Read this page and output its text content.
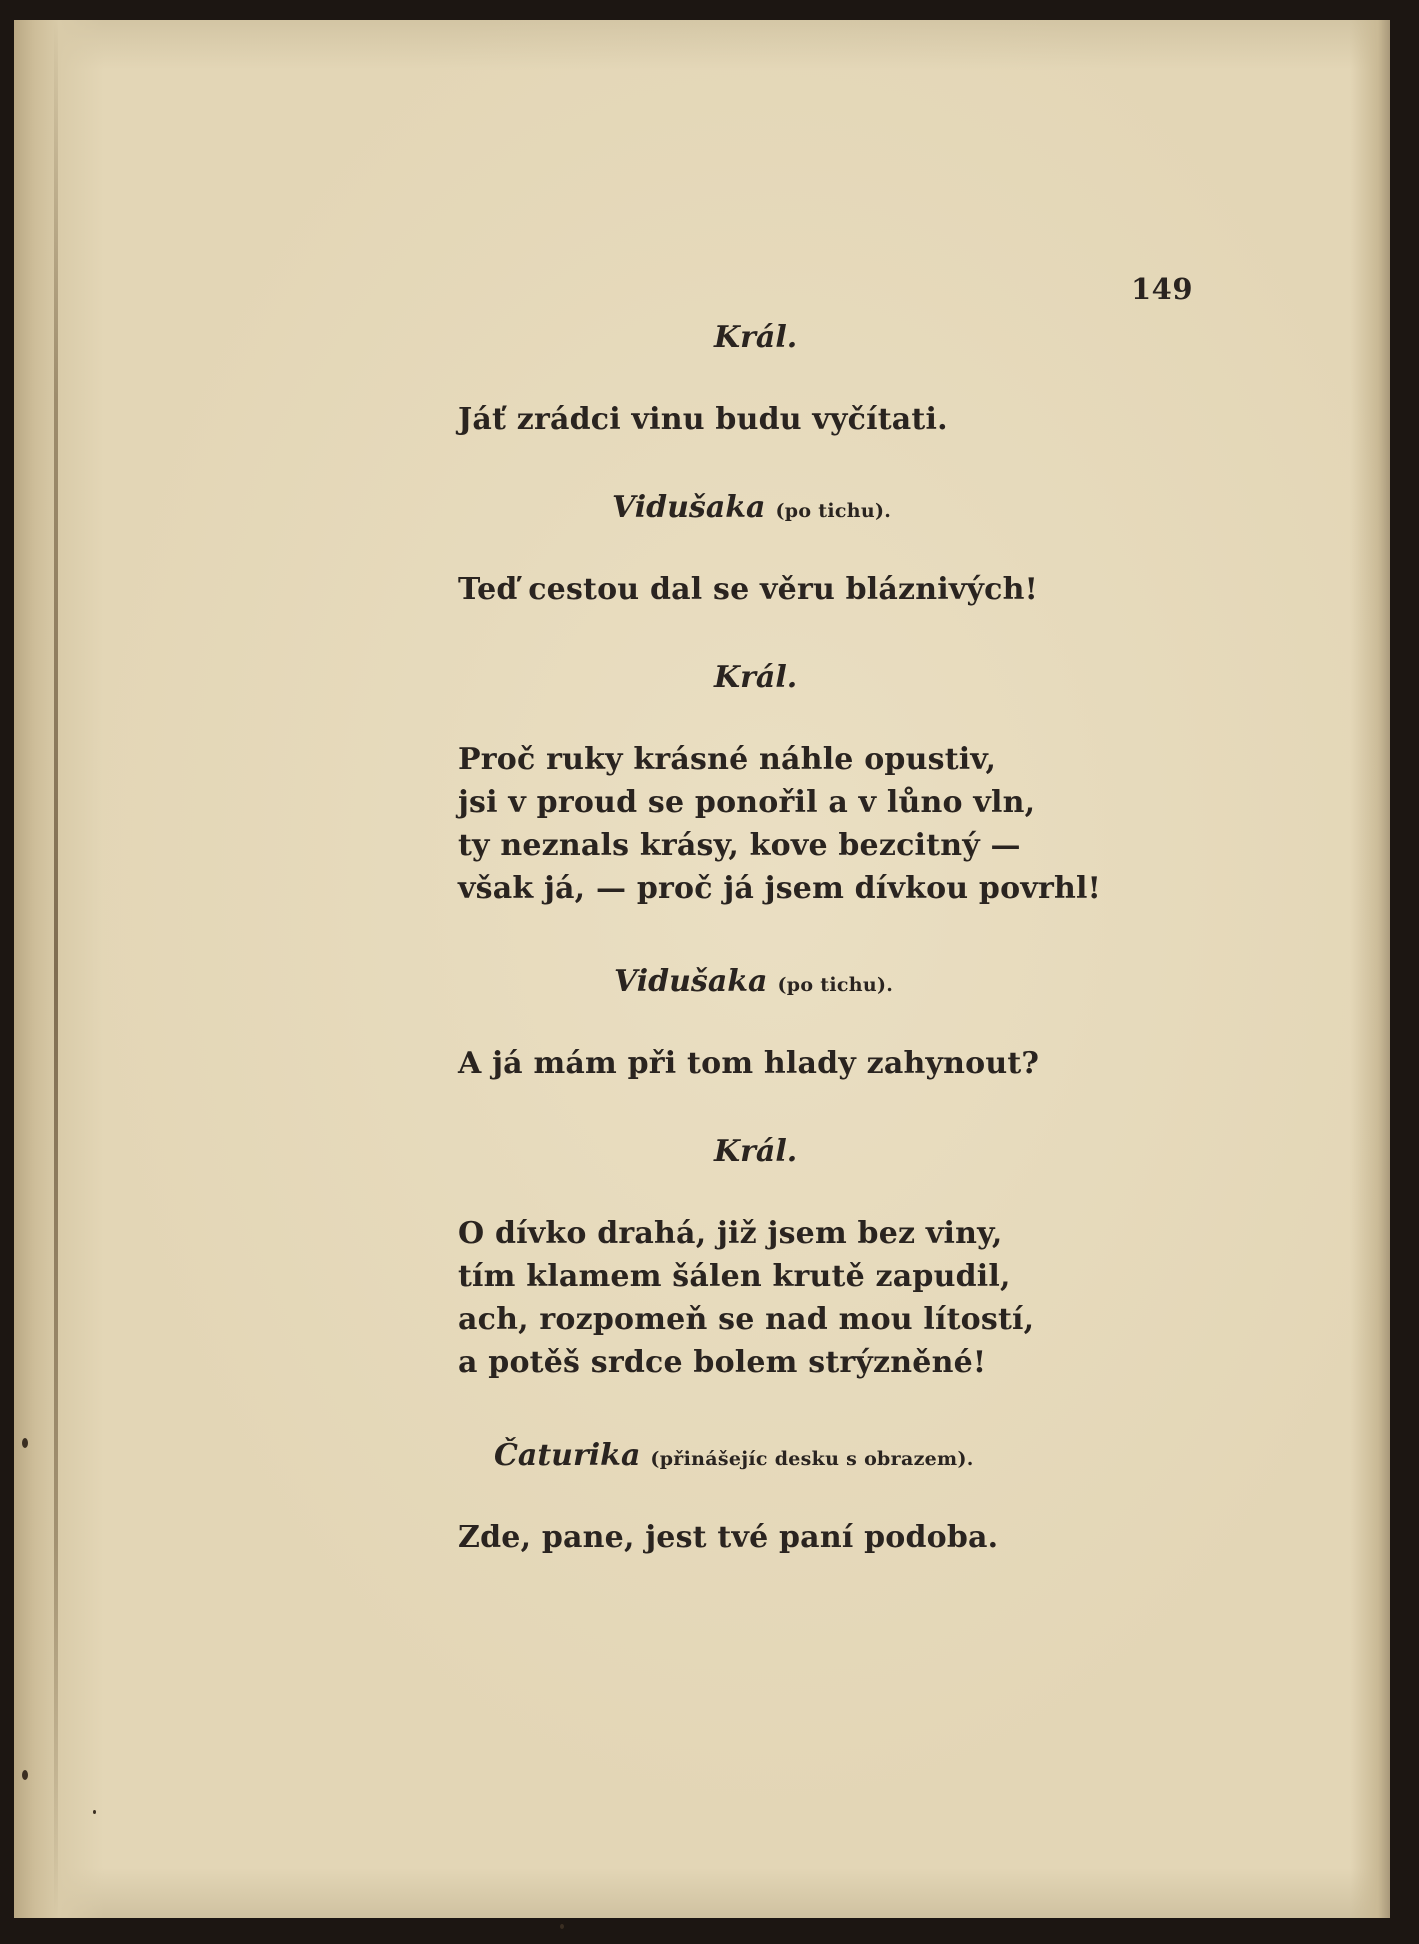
149
Král.
Jáť zrádci vinu budu vyčítati.
Vidušaka (po tichu).
Teď cestou dal se věru bláznivých!
Král.
Proč ruky krásné náhle opustiv,
jsi v proud se ponořil a v lůno vln,
ty neznals krásy, kove bezcitný —
však já, — proč já jsem dívkou povrhl!
Vidušaka (po tichu).
A já mám při tom hlady zahynout?
Král.
O dívko drahá, již jsem bez viny,
tím klamem šálen krutě zapudil,
ach, rozpomeň se nad mou lítostí,
a potěš srdce bolem strýzněné!
Čaturika (přinášejíc desku s obrazem).
Zde, pane, jest tvé paní podoba.
